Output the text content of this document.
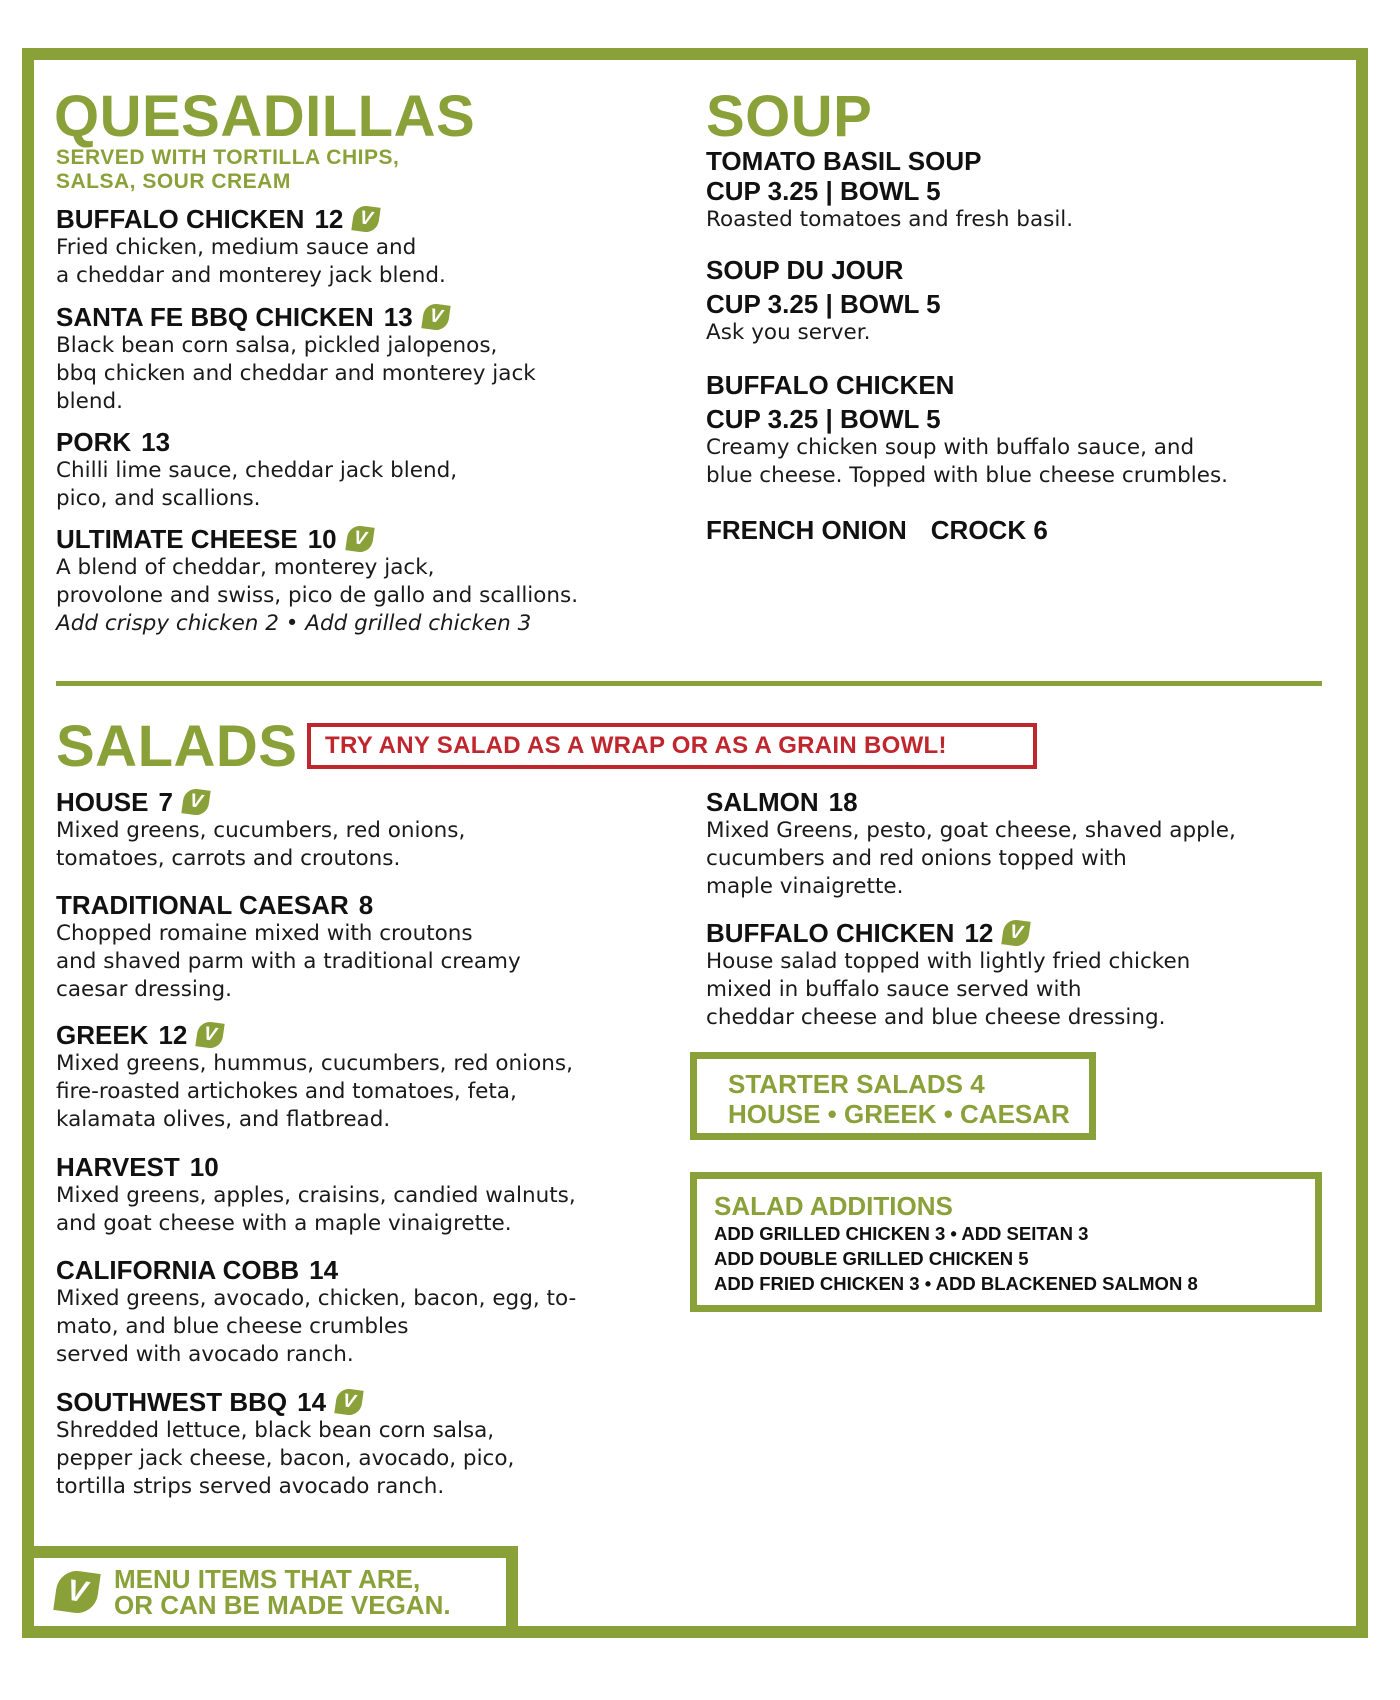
QUESADILLAS
SERVED WITH TORTILLA CHIPS,
SALSA, SOUR CREAM
BUFFALO CHICKEN 12 V
Fried chicken, medium sauce and
a cheddar and monterey jack blend.
SANTA FE BBQ CHICKEN 13 V
Black bean corn salsa, pickled jalopenos,
bbq chicken and cheddar and monterey jack
blend.
PORK 13
Chilli lime sauce, cheddar jack blend,
pico, and scallions.
ULTIMATE CHEESE 10 V
A blend of cheddar, monterey jack,
provolone and swiss, pico de gallo and scallions.
Add crispy chicken 2 • Add grilled chicken 3
SOUP
TOMATO BASIL SOUP
CUP 3.25 | BOWL 5
Roasted tomatoes and fresh basil.
SOUP DU JOUR
CUP 3.25 | BOWL 5
Ask you server.
BUFFALO CHICKEN
CUP 3.25 | BOWL 5
Creamy chicken soup with buffalo sauce, and
blue cheese. Topped with blue cheese crumbles.
FRENCH ONION CROCK 6
SALADS	TRY ANY SALAD AS A WRAP OR AS A GRAIN BOWL!
HOUSE 7 V
Mixed greens, cucumbers, red onions,
tomatoes, carrots and croutons.
TRADITIONAL CAESAR 8
Chopped romaine mixed with croutons
and shaved parm with a traditional creamy
caesar dressing.
GREEK 12 V
Mixed greens, hummus, cucumbers, red onions,
fire-roasted artichokes and tomatoes, feta,
kalamata olives, and flatbread.
HARVEST 10
Mixed greens, apples, craisins, candied walnuts,
and goat cheese with a maple vinaigrette.
CALIFORNIA COBB 14
Mixed greens, avocado, chicken, bacon, egg, to-
mato, and blue cheese crumbles
served with avocado ranch.
SOUTHWEST BBQ 14 V
Shredded lettuce, black bean corn salsa,
pepper jack cheese, bacon, avocado, pico,
tortilla strips served avocado ranch.
SALMON 18
Mixed Greens, pesto, goat cheese, shaved apple,
cucumbers and red onions topped with
maple vinaigrette.
BUFFALO CHICKEN 12 V
House salad topped with lightly fried chicken
mixed in buffalo sauce served with
cheddar cheese and blue cheese dressing.
STARTER SALADS 4
HOUSE • GREEK • CAESAR
SALAD ADDITIONS
ADD GRILLED CHICKEN 3 • ADD SEITAN 3
ADD DOUBLE GRILLED CHICKEN 5
ADD FRIED CHICKEN 3 • ADD BLACKENED SALMON 8
V MENU ITEMS THAT ARE,
OR CAN BE MADE VEGAN.
